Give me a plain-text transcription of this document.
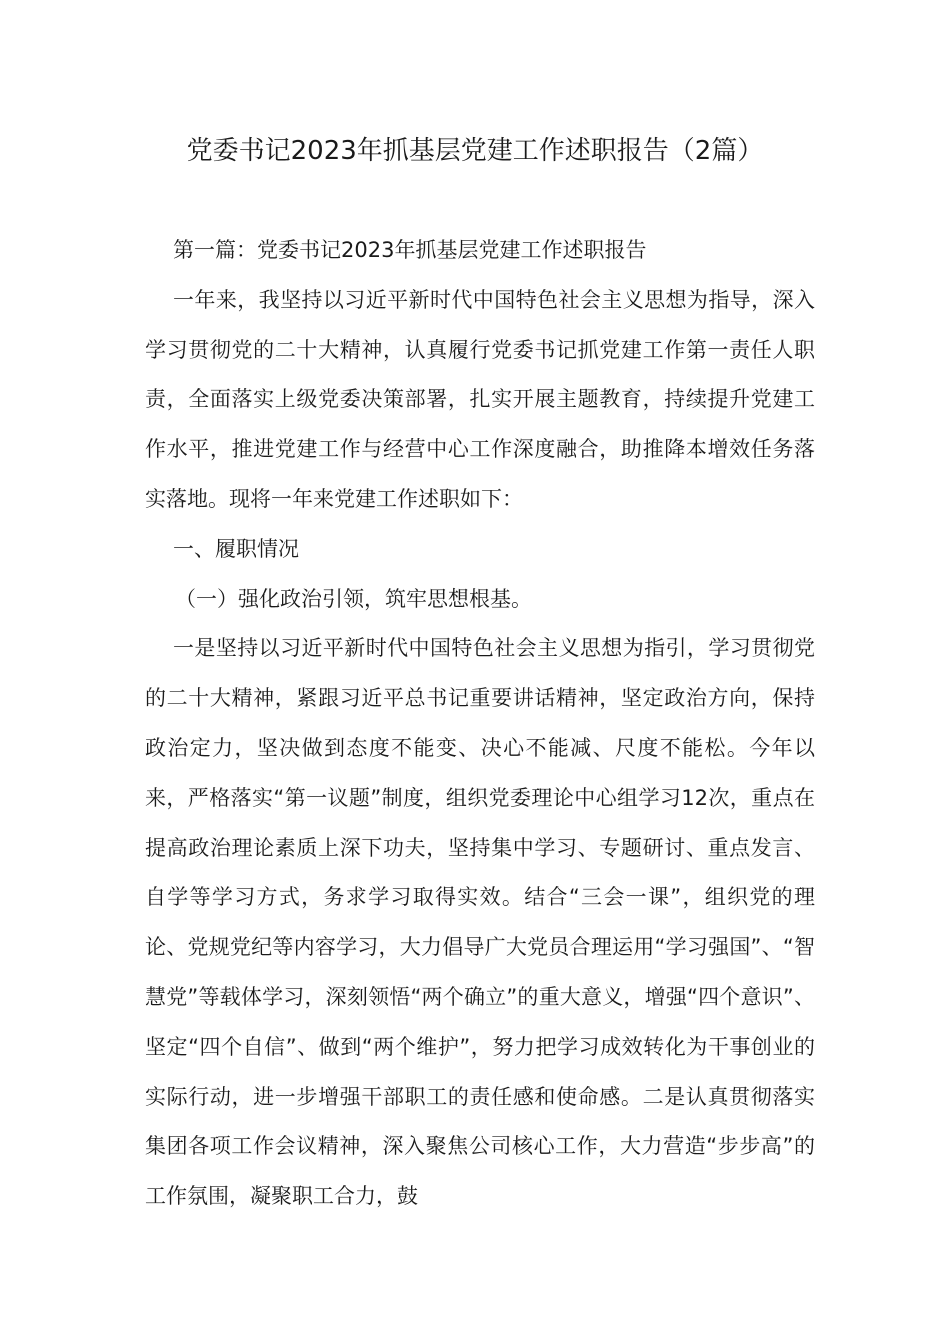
党委书记2023年抓基层党建工作述职报告（2篇）

第一篇：党委书记2023年抓基层党建工作述职报告

一年来，我坚持以习近平新时代中国特色社会主义思想为指导，深入学习贯彻党的二十大精神，认真履行党委书记抓党建工作第一责任人职责，全面落实上级党委决策部署，扎实开展主题教育，持续提升党建工作水平，推进党建工作与经营中心工作深度融合，助推降本增效任务落实落地。现将一年来党建工作述职如下：

一、履职情况

（一）强化政治引领，筑牢思想根基。

一是坚持以习近平新时代中国特色社会主义思想为指引，学习贯彻党的二十大精神，紧跟习近平总书记重要讲话精神，坚定政治方向，保持政治定力，坚决做到态度不能变、决心不能减、尺度不能松。今年以来，严格落实“第一议题”制度，组织党委理论中心组学习12次，重点在提高政治理论素质上深下功夫，坚持集中学习、专题研讨、重点发言、自学等学习方式，务求学习取得实效。结合“三会一课”，组织党的理论、党规党纪等内容学习，大力倡导广大党员合理运用“学习强国”、“智慧党”等载体学习，深刻领悟“两个确立”的重大意义，增强“四个意识”、坚定“四个自信”、做到“两个维护”，努力把学习成效转化为干事创业的实际行动，进一步增强干部职工的责任感和使命感。二是认真贯彻落实集团各项工作会议精神，深入聚焦公司核心工作，大力营造“步步高”的工作氛围，凝聚职工合力，鼓
